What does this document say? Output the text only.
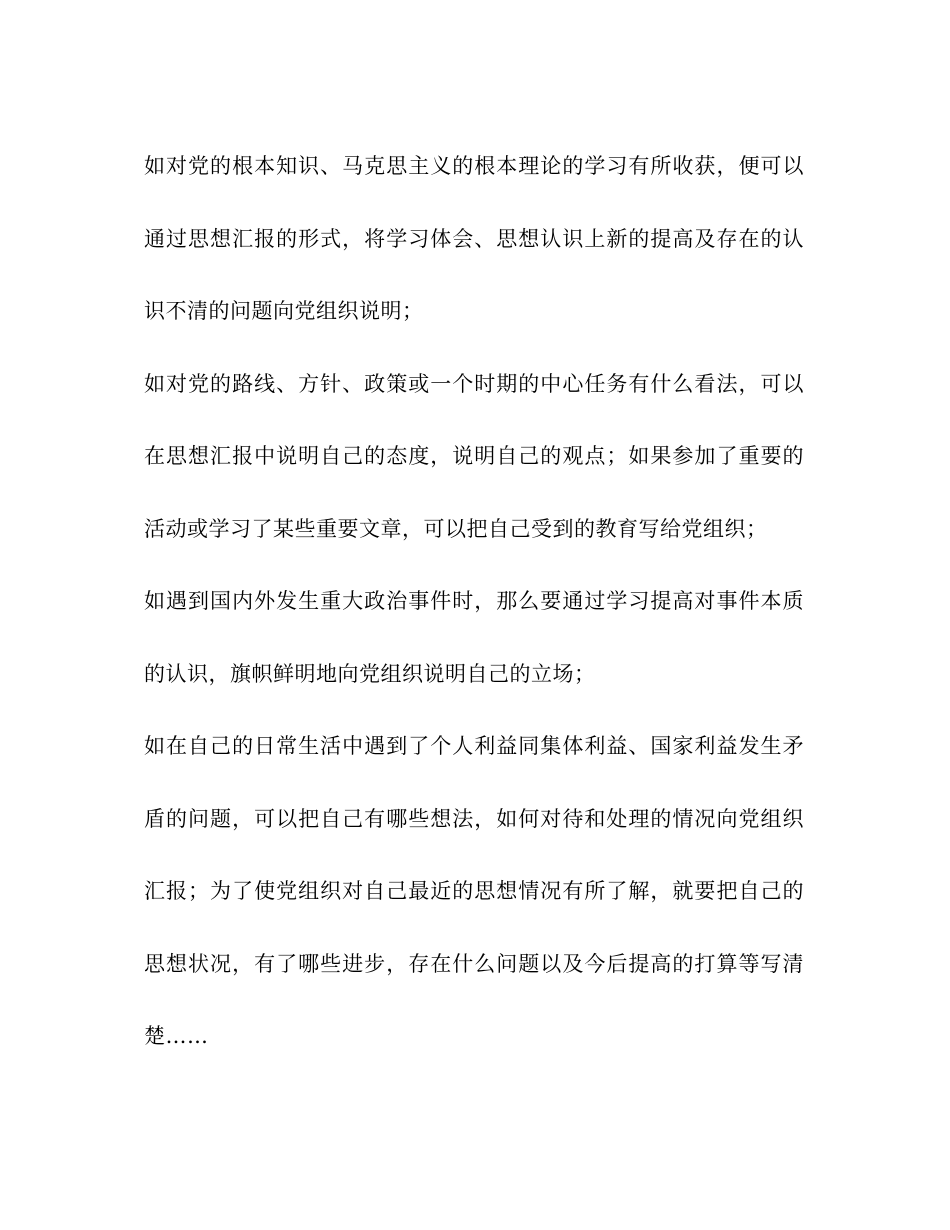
如对党的根本知识、马克思主义的根本理论的学习有所收获，便可以通过思想汇报的形式，将学习体会、思想认识上新的提高及存在的认识不清的问题向党组织说明；

如对党的路线、方针、政策或一个时期的中心任务有什么看法，可以在思想汇报中说明自己的态度，说明自己的观点；如果参加了重要的活动或学习了某些重要文章，可以把自己受到的教育写给党组织；

如遇到国内外发生重大政治事件时，那么要通过学习提高对事件本质的认识，旗帜鲜明地向党组织说明自己的立场；

如在自己的日常生活中遇到了个人利益同集体利益、国家利益发生矛盾的问题，可以把自己有哪些想法，如何对待和处理的情况向党组织汇报；为了使党组织对自己最近的思想情况有所了解，就要把自己的思想状况，有了哪些进步，存在什么问题以及今后提高的打算等写清楚……
